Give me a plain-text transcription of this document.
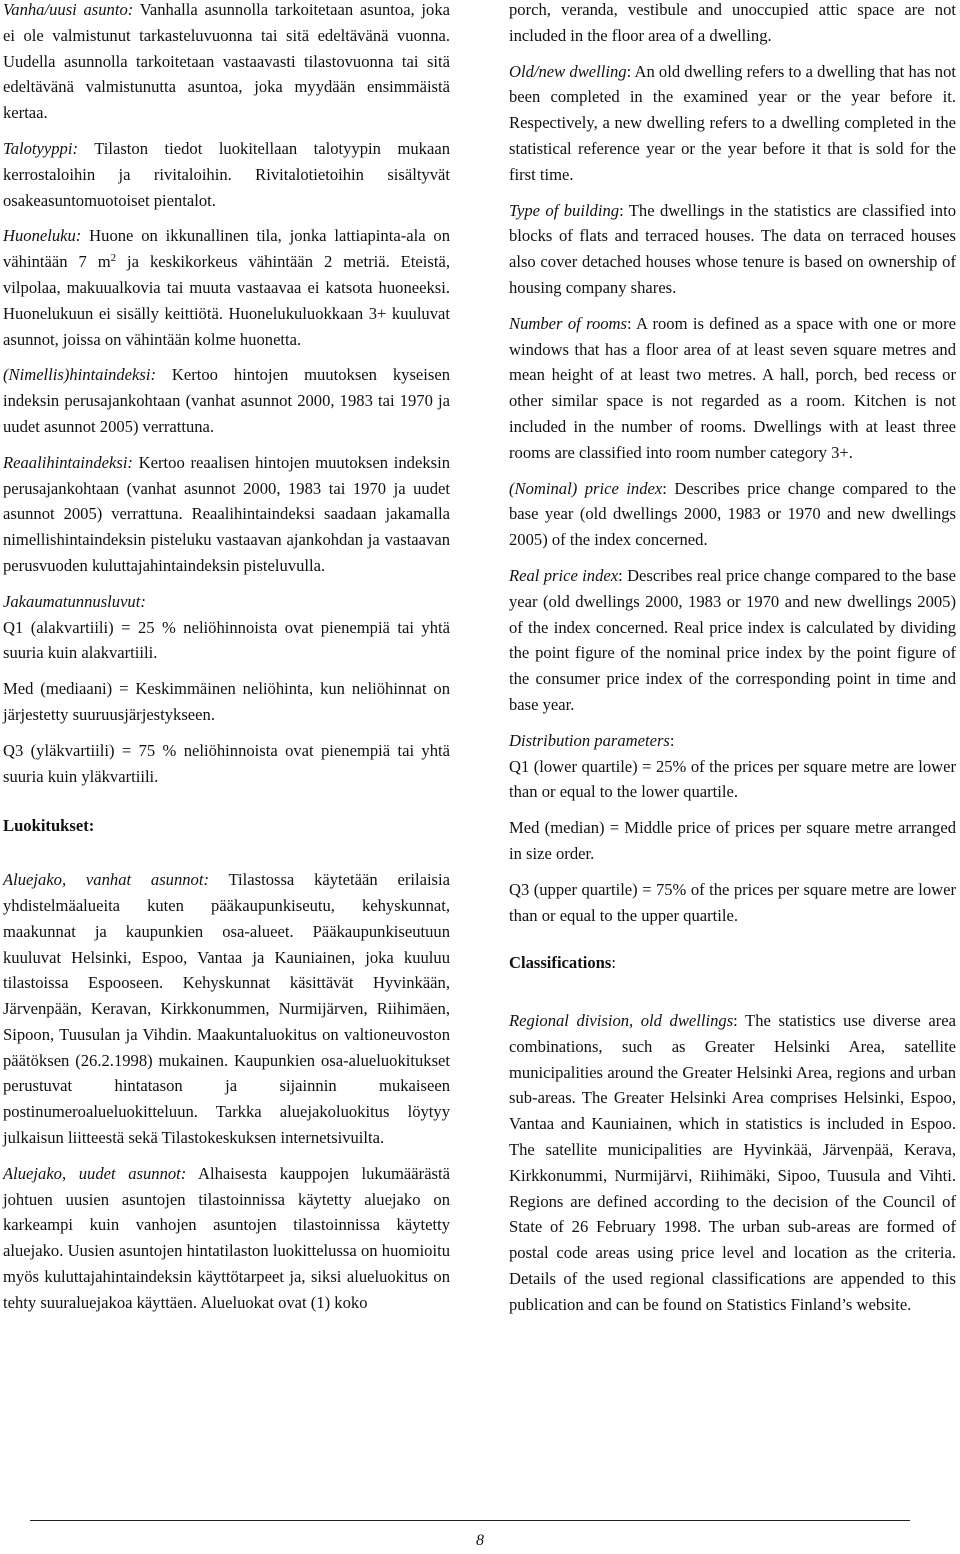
Vanha/uusi asunto: Vanhalla asunnolla tarkoitetaan asuntoa, joka ei ole valmistunut tarkasteluvuonna tai sitä edeltävänä vuonna. Uudella asunnolla tarkoitetaan vastaavasti tilastovuonna tai sitä edeltävänä valmistunutta asuntoa, joka myydään ensimmäistä kertaa.

Talotyyppi: Tilaston tiedot luokitellaan talotyypin mukaan kerrostaloihin ja rivitaloihin. Rivitalotietoihin sisältyvät osakeasuntomuotoiset pientalot.

Huoneluku: Huone on ikkunallinen tila, jonka lattiapinta-ala on vähintään 7 $m^2$ ja keskikorkeus vähintään 2 metriä. Eteistä, vilpolaa, makuualkovia tai muuta vastaavaa ei katsota huoneeksi. Huonelukuun ei sisälly keittiötä. Huonelukuluokkaan 3+ kuuluvat asunnot, joissa on vähintään kolme huonetta.

(Nimellis)hintaindeksi: Kertoo hintojen muutoksen kyseisen indeksin perusajankohtaan (vanhat asunnot 2000, 1983 tai 1970 ja uudet asunnot 2005) verrattuna.

Reaalihintaindeksi: Kertoo reaalisen hintojen muutoksen indeksin perusajankohtaan (vanhat asunnot 2000, 1983 tai 1970 ja uudet asunnot 2005) verrattuna. Reaalihintaindeksi saadaan jakamalla nimellishintaindeksin pisteluku vastaavan ajankohdan ja vastaavan perusvuoden kuluttajahintaindeksin pisteluvulla.

Jakaumatunnusluvut:
Q1 (alakvartiili) = 25 % neliöhinnoista ovat pienempiä tai yhtä suuria kuin alakvartiili.

Med (mediaani) = Keskimmäinen neliöhinta, kun neliöhinnat on järjestetty suuruusjärjestykseen.

Q3 (yläkvartiili) = 75 % neliöhinnoista ovat pienempiä tai yhtä suuria kuin yläkvartiili.

Luokitukset:

Aluejako, vanhat asunnot: Tilastossa käytetään erilaisia yhdistelmäalueita kuten pääkaupunkiseutu, kehyskunnat, maakunnat ja kaupunkien osa-alueet. Pääkaupunkiseutuun kuuluvat Helsinki, Espoo, Vantaa ja Kauniainen, joka kuuluu tilastoissa Espooseen. Kehyskunnat käsittävät Hyvinkään, Järvenpään, Keravan, Kirkkonummen, Nurmijärven, Riihimäen, Sipoon, Tuusulan ja Vihdin. Maakuntaluokitus on valtioneuvoston päätöksen (26.2.1998) mukainen. Kaupunkien osa-alueluokitukset perustuvat hintatason ja sijainnin mukaiseen postinumeroalueluokitteluun. Tarkka aluejakoluokitus löytyy julkaisun liitteestä sekä Tilastokeskuksen internetsivuilta.

Aluejako, uudet asunnot: Alhaisesta kauppojen lukumäärästä johtuen uusien asuntojen tilastoinnissa käytetty aluejako on karkeampi kuin vanhojen asuntojen tilastoinnissa käytetty aluejako. Uusien asuntojen hintatilaston luokittelussa on huomioitu myös kuluttajahintaindeksin käyttötarpeet ja, siksi alueluokitus on tehty suuraluejakoa käyttäen. Alueluokat ovat (1) koko

porch, veranda, vestibule and unoccupied attic space are not included in the floor area of a dwelling.

Old/new dwelling: An old dwelling refers to a dwelling that has not been completed in the examined year or the year before it. Respectively, a new dwelling refers to a dwelling completed in the statistical reference year or the year before it that is sold for the first time.

Type of building: The dwellings in the statistics are classified into blocks of flats and terraced houses. The data on terraced houses also cover detached houses whose tenure is based on ownership of housing company shares.

Number of rooms: A room is defined as a space with one or more windows that has a floor area of at least seven square metres and mean height of at least two metres. A hall, porch, bed recess or other similar space is not regarded as a room. Kitchen is not included in the number of rooms. Dwellings with at least three rooms are classified into room number category 3+.

(Nominal) price index: Describes price change compared to the base year (old dwellings 2000, 1983 or 1970 and new dwellings 2005) of the index concerned.

Real price index: Describes real price change compared to the base year (old dwellings 2000, 1983 or 1970 and new dwellings 2005) of the index concerned. Real price index is calculated by dividing the point figure of the nominal price index by the point figure of the consumer price index of the corresponding point in time and base year.

Distribution parameters:
Q1 (lower quartile) = 25% of the prices per square metre are lower than or equal to the lower quartile.

Med (median) = Middle price of prices per square metre arranged in size order.

Q3 (upper quartile) = 75% of the prices per square metre are lower than or equal to the upper quartile.

Classifications:

Regional division, old dwellings: The statistics use diverse area combinations, such as Greater Helsinki Area, satellite municipalities around the Greater Helsinki Area, regions and urban sub-areas. The Greater Helsinki Area comprises Helsinki, Espoo, Vantaa and Kauniainen, which in statistics is included in Espoo. The satellite municipalities are Hyvinkää, Järvenpää, Kerava, Kirkkonummi, Nurmijärvi, Riihimäki, Sipoo, Tuusula and Vihti. Regions are defined according to the decision of the Council of State of 26 February 1998. The urban sub-areas are formed of postal code areas using price level and location as the criteria. Details of the used regional classifications are appended to this publication and can be found on Statistics Finland’s website.

8
